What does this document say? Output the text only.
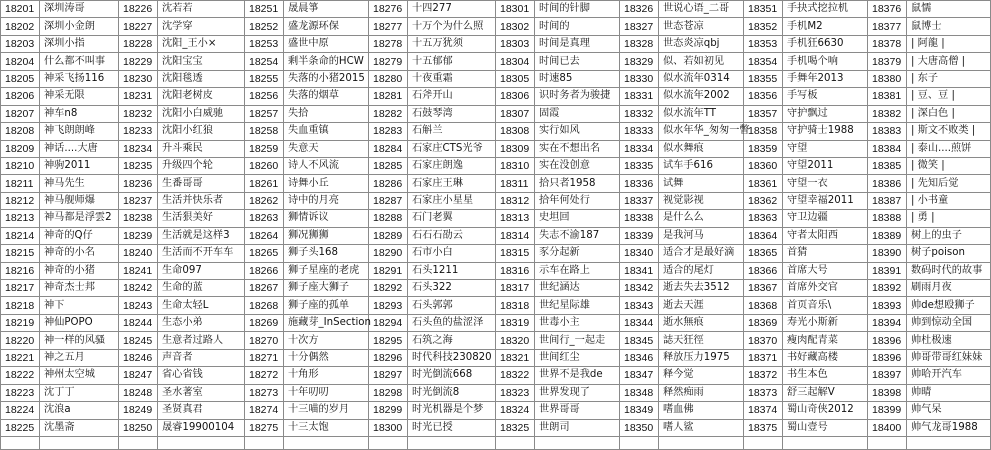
18201	深圳涛哥	18226	沈若若	18251	晟晨箏	18276	十四277	18301	时间的针脚	18326	世说心语_二哥	18351	手抉式挖拉机	18376	鼠懦
18202	深圳小金朗	18227	沈学穿	18252	盛龙源环保	18277	十万个为什么照	18302	时间的	18327	世态苍凉	18352	手机M2	18377	鼠博士
18203	深圳小指	18228	沈阳_王小×	18253	盛世中原	18278	十五万犹须	18303	时间是真理	18328	世态炎凉qbj	18353	手机狂6630	18378	| 阿龍 |
18204	什么都不叫事	18229	沈阳宝宝	18254	剩半条命的HCW	18279	十五郁郁	18304	时间已去	18329	似、若如初见	18354	手机喝个响	18379	| 大唐高僧 |
18205	神采飞扬116	18230	沈阳毯透	18255	失落的小猪2015	18280	十夜重霜	18305	时速85	18330	似水流年0314	18355	手舞年2013	18380	| 东子
18206	神采无限	18231	沈阳老树皮	18256	失落的烟草	18281	石斧开山	18306	识时务者为骏捷	18331	似水流年2002	18356	手写板	18381	| 豆、豆 |
18207	神车n8	18232	沈阳小白威驰	18257	失拾	18282	石鼓琴湾	18307	固霞	18332	似水流年TT	18357	守护飘过	18382	| 深白色 |
18208	神飞朗朗峰	18233	沈阳小红狼	18258	失血重镇	18283	石斛兰	18308	实行如风	18333	似水年华_匆匆一瞥	18358	守护骑士1988	18383	| 斯文不败类 |
18209	神话....大唐	18234	升斗乘民	18259	失意天	18284	石家庄CTS光爷	18309	实在不想出名	18334	似水舞痕	18359	守望	18384	| 泰山....煎饼
18210	神驹2011	18235	升级四个轮	18260	诗人不风流	18285	石家庄朗逸	18310	实在没创意	18335	试车手616	18360	守望2011	18385	| 微笑 |
18211	神马先生	18236	生番哥哥	18261	诗舞小丘	18286	石家庄王琳	18311	拾只者1958	18336	试舞	18361	守望一衣	18386	| 先知后觉
18212	神马舰师爆	18237	生活并快乐者	18262	诗中的月亮	18287	石家庄小星星	18312	拾年何处行	18337	视觉影视	18362	守望幸福2011	18387	| 小书童
18213	神马都是浮雲2	18238	生活狠美好	18263	狮情诉议	18288	石门老翼	18313	史坦回	18338	是什么么	18363	守卫边疆	18388	| 勇 |
18214	神奇的Q仔	18239	生活就是这样3	18264	狮况狮狮	18289	石石石劭云	18314	失志不渝187	18339	是我河马	18364	守者太阳西	18389	树上的虫子
18215	神奇的小名	18240	生活而不开车车	18265	狮子头168	18290	石市小白	18315	豕分起新	18340	适合才是最好滴	18365	首猜	18390	树子poison
18216	神奇的小猪	18241	生命097	18266	狮子星座的老虎	18291	石头1211	18316	示车在路上	18341	适合的尾灯	18366	首席大号	18391	数码时代的故事
18217	神奇杰士邦	18242	生命的蓝	18267	狮子座大狮子	18292	石头322	18317	世纪涵达	18342	逝去失去3512	18367	首席外交官	18392	刷雨月夜
18218	神下	18243	生命太轻L	18268	狮子座的孤单	18293	石头郭郭	18318	世纪星际雄	18343	逝去天涯	18368	首页音乐\	18393	帅de想殴狮子
18219	神仙POPO	18244	生态小弟	18269	施藏芽_InSection	18294	石头鱼的盐涩泽	18319	世毒小主	18344	逝水無痕	18369	寿光小斯新	18394	帅到惊动全国
18220	神一样的风骚	18245	生意者过路人	18270	十次方	18295	石筑之海	18320	世间行_一起走	18345	誌天狂徑	18370	瘦肉配青菜	18396	帅杜极速
18221	神之五月	18246	声音者	18271	十分偶然	18296	时代科技230820	18321	世间红尘	18346	释放压力1975	18371	书好藏高楼	18396	帅哥带哥红妹妹
18222	神州太空城	18247	省心省钱	18272	十角形	18297	时光倒流668	18322	世界不是我de	18347	释今觉	18372	书生本色	18397	帅哈开汽车
18223	沈丁丁	18248	圣水著室	18273	十年叨叨	18298	时光倒流8	18323	世界发现了	18348	释然痴雨	18373	舒三起解V	18398	帅晴
18224	沈浪a	18249	圣贤真君	18274	十三喵的岁月	18299	时光机器是个梦	18324	世界哥哥	18349	嗜血佛	18374	蜀山奇侠2012	18399	帅气呆
18225	沈墨斋	18250	晟睿19900104	18275	十三太饱	18300	时光已授	18325	世朗司	18350	嗜人鲨	18375	蜀山壹号	18400	帅气龙哥1988
